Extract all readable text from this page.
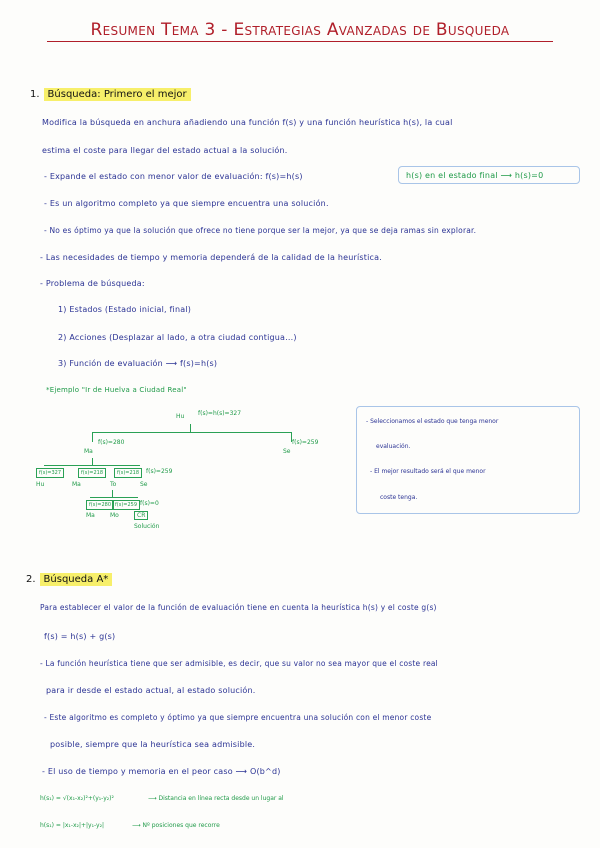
Resumen Tema 3 - Estrategias Avanzadas de Busqueda
1. Búsqueda: Primero el mejor
Modifica la búsqueda en anchura añadiendo una función f(s) y una función heurística h(s), la cual
estima el coste para llegar del estado actual a la solución.
- Expande el estado con menor valor de evaluación: f(s)=h(s)	h(s) en el estado final ⟶ h(s)=0
- Es un algoritmo completo ya que siempre encuentra una solución.
- No es óptimo ya que la solución que ofrece no tiene porque ser la mejor, ya que se deja ramas sin explorar.
- Las necesidades de tiempo y memoria dependerá de la calidad de la heurística.
- Problema de búsqueda:
1) Estados (Estado inicial, final)
2) Acciones (Desplazar al lado, a otra ciudad contigua...)
3) Función de evaluación ⟶ f(s)=h(s)
*Ejemplo "Ir de Huelva a Ciudad Real"
Hu f(s)=h(s)=327
f(s)=280
Ma
f(s)=259
Se
f(s)=327	f(s)=218	f(s)=218	f(s)=259
Hu	Ma	To	Se
f(s)=280 f(s)=259 f(s)=0
Ma	Mo	CR
Solución
- Seleccionamos el estado que tenga menor
evaluación.
- El mejor resultado será el que menor
coste tenga.
2. Búsqueda A*
Para establecer el valor de la función de evaluación tiene en cuenta la heurística h(s) y el coste g(s)
f(s) = h(s) + g(s)
- La función heurística tiene que ser admisible, es decir, que su valor no sea mayor que el coste real
para ir desde el estado actual, al estado solución.
- Este algoritmo es completo y óptimo ya que siempre encuentra una solución con el menor coste
posible, siempre que la heurística sea admisible.
- El uso de tiempo y memoria en el peor caso ⟶ O(b^d)
h(s₁) = √(x₁-x₂)²+(y₁-y₂)²	⟶ Distancia en línea recta desde un lugar al
h(s₁) = |x₁-x₂|+|y₁-y₂|	⟶ Nº posiciones que recorre
